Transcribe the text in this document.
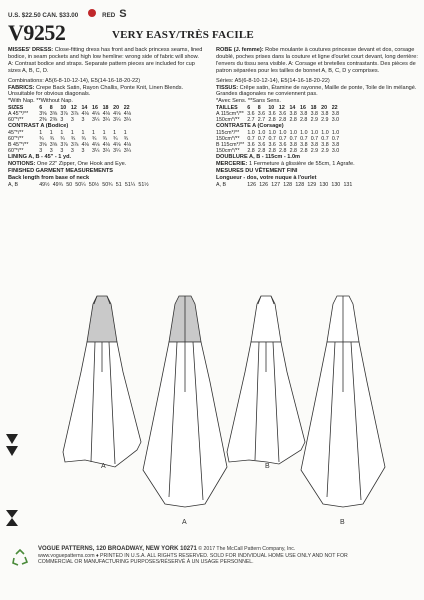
U.S. $22.50 CAN. $33.00	RED S
V9252	VERY EASY/TRÈS FACILE

MISSES' DRESS: Close-fitting dress has front and back princess seams, lined bodice, in seam pockets and high low hemline: wrong side of fabric will show. A: Contrast bodice and straps. Separate pattern pieces are included for cup sizes A, B, C, D.

Combinations: A5(6-8-10-12-14), E5(14-16-18-20-22)

FABRICS: Crepe Back Satin, Rayon Challis, Ponte Knit, Linen Blends.

Unsuitable for obvious diagonals.

*With Nap. **Without Nap.

SIZES	6	8	10	12	14	16	18	20	22
A 45"*/**	3⅝	3⅝	3⅞	3⅞	4⅛	4⅛	4⅛	4⅛	4⅛
60"*/**	2⅜	2⅜	3	3	3	3¼	3¼	3¼	3¼

CONTRAST A (Bodice)

45"*/**	1	1	1	1	1	1	1	1	1
60"*/**	¾	¾	¾	¾	¾	¾	¾	¾	¾
B 45"*/**	3⅝	3⅝	3⅞	3⅞	4⅛	4⅛	4⅛	4⅛	4⅛
60"*/**	3	3	3	3	3	3¼	3¼	3¼	3¼

LINING A, B - 45" - 1 yd.

NOTIONS: One 22" Zipper, One Hook and Eye.

FINISHED GARMENT MEASUREMENTS

Back length from base of neck

A, B	49½	49¾	50	50¼	50½	50¾	51	51¼	51½

ROBE (J. femme): Robe moulante à coutures princesse devant et dos, corsage doublé, poches prises dans la couture et ligne d'ourlet court devant, long derrière: l'envers du tissu sera visible. A: Corsage et bretelles contrastants. Des pièces de patron séparées pour les tailles de bonnet A, B, C, D y comprises.

Séries: A5(6-8-10-12-14), E5(14-16-18-20-22)

TISSUS: Crêpe satin, Étamine de rayonne, Maille de ponte, Toile de lin mélangé.

Grandes diagonales ne conviennent pas.

*Avec Sens. **Sans Sens.

TAILLES	6	8	10	12	14	16	18	20	22
A 115cm*/**	3.6	3.6	3.6	3.6	3.8	3.8	3.8	3.8	3.8
150cm*/**	2.7	2.7	2.8	2.8	2.8	2.8	2.9	2.9	3.0

CONTRASTE A (Corsage)

115cm*/**	1.0	1.0	1.0	1.0	1.0	1.0	1.0	1.0	1.0
150cm*/**	0.7	0.7	0.7	0.7	0.7	0.7	0.7	0.7	0.7
B 115cm*/**	3.6	3.6	3.6	3.6	3.8	3.8	3.8	3.8	3.8
150cm*/**	2.8	2.8	2.8	2.8	2.8	2.8	2.9	2.9	3.0

DOUBLURE A, B - 115cm - 1.0m

MERCERIE: 1 Fermeture à glissière de 55cm, 1 Agrafe.

MESURES DU VÊTEMENT FINI

Longueur - dos, votre nuque à l'ourlet

A, B	126	126	127	128	128	129	130	130	131
A
A
B
B
VOGUE PATTERNS, 120 BROADWAY, NEW YORK 10271 © 2017 The McCall Pattern Company, Inc.
www.voguepatterns.com ♦ PRINTED IN U.S.A. ALL RIGHTS RESERVED. SOLD FOR INDIVIDUAL HOME USE ONLY AND NOT FOR
COMMERCIAL OR MANUFACTURING PURPOSES/RÉSERVÉ À UN USAGE PERSONNEL.
